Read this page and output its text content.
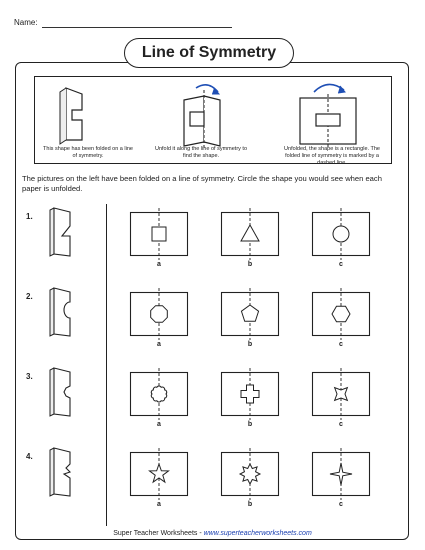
Name:
Line of Symmetry
This shape has been folded on a line of symmetry.
Unfold it along the line of symmetry to find the shape.
Unfolded, the shape is a rectangle. The folded line of symmetry is marked by a dashed line.
The pictures on the left have been folded on a line of symmetry. Circle the shape you would see when each paper is unfolded.
Super Teacher Worksheets - www.superteacherworksheets.com
1.
a	b	c
2.
a	b	c
3.
a	b	c
4.
a	b	c
